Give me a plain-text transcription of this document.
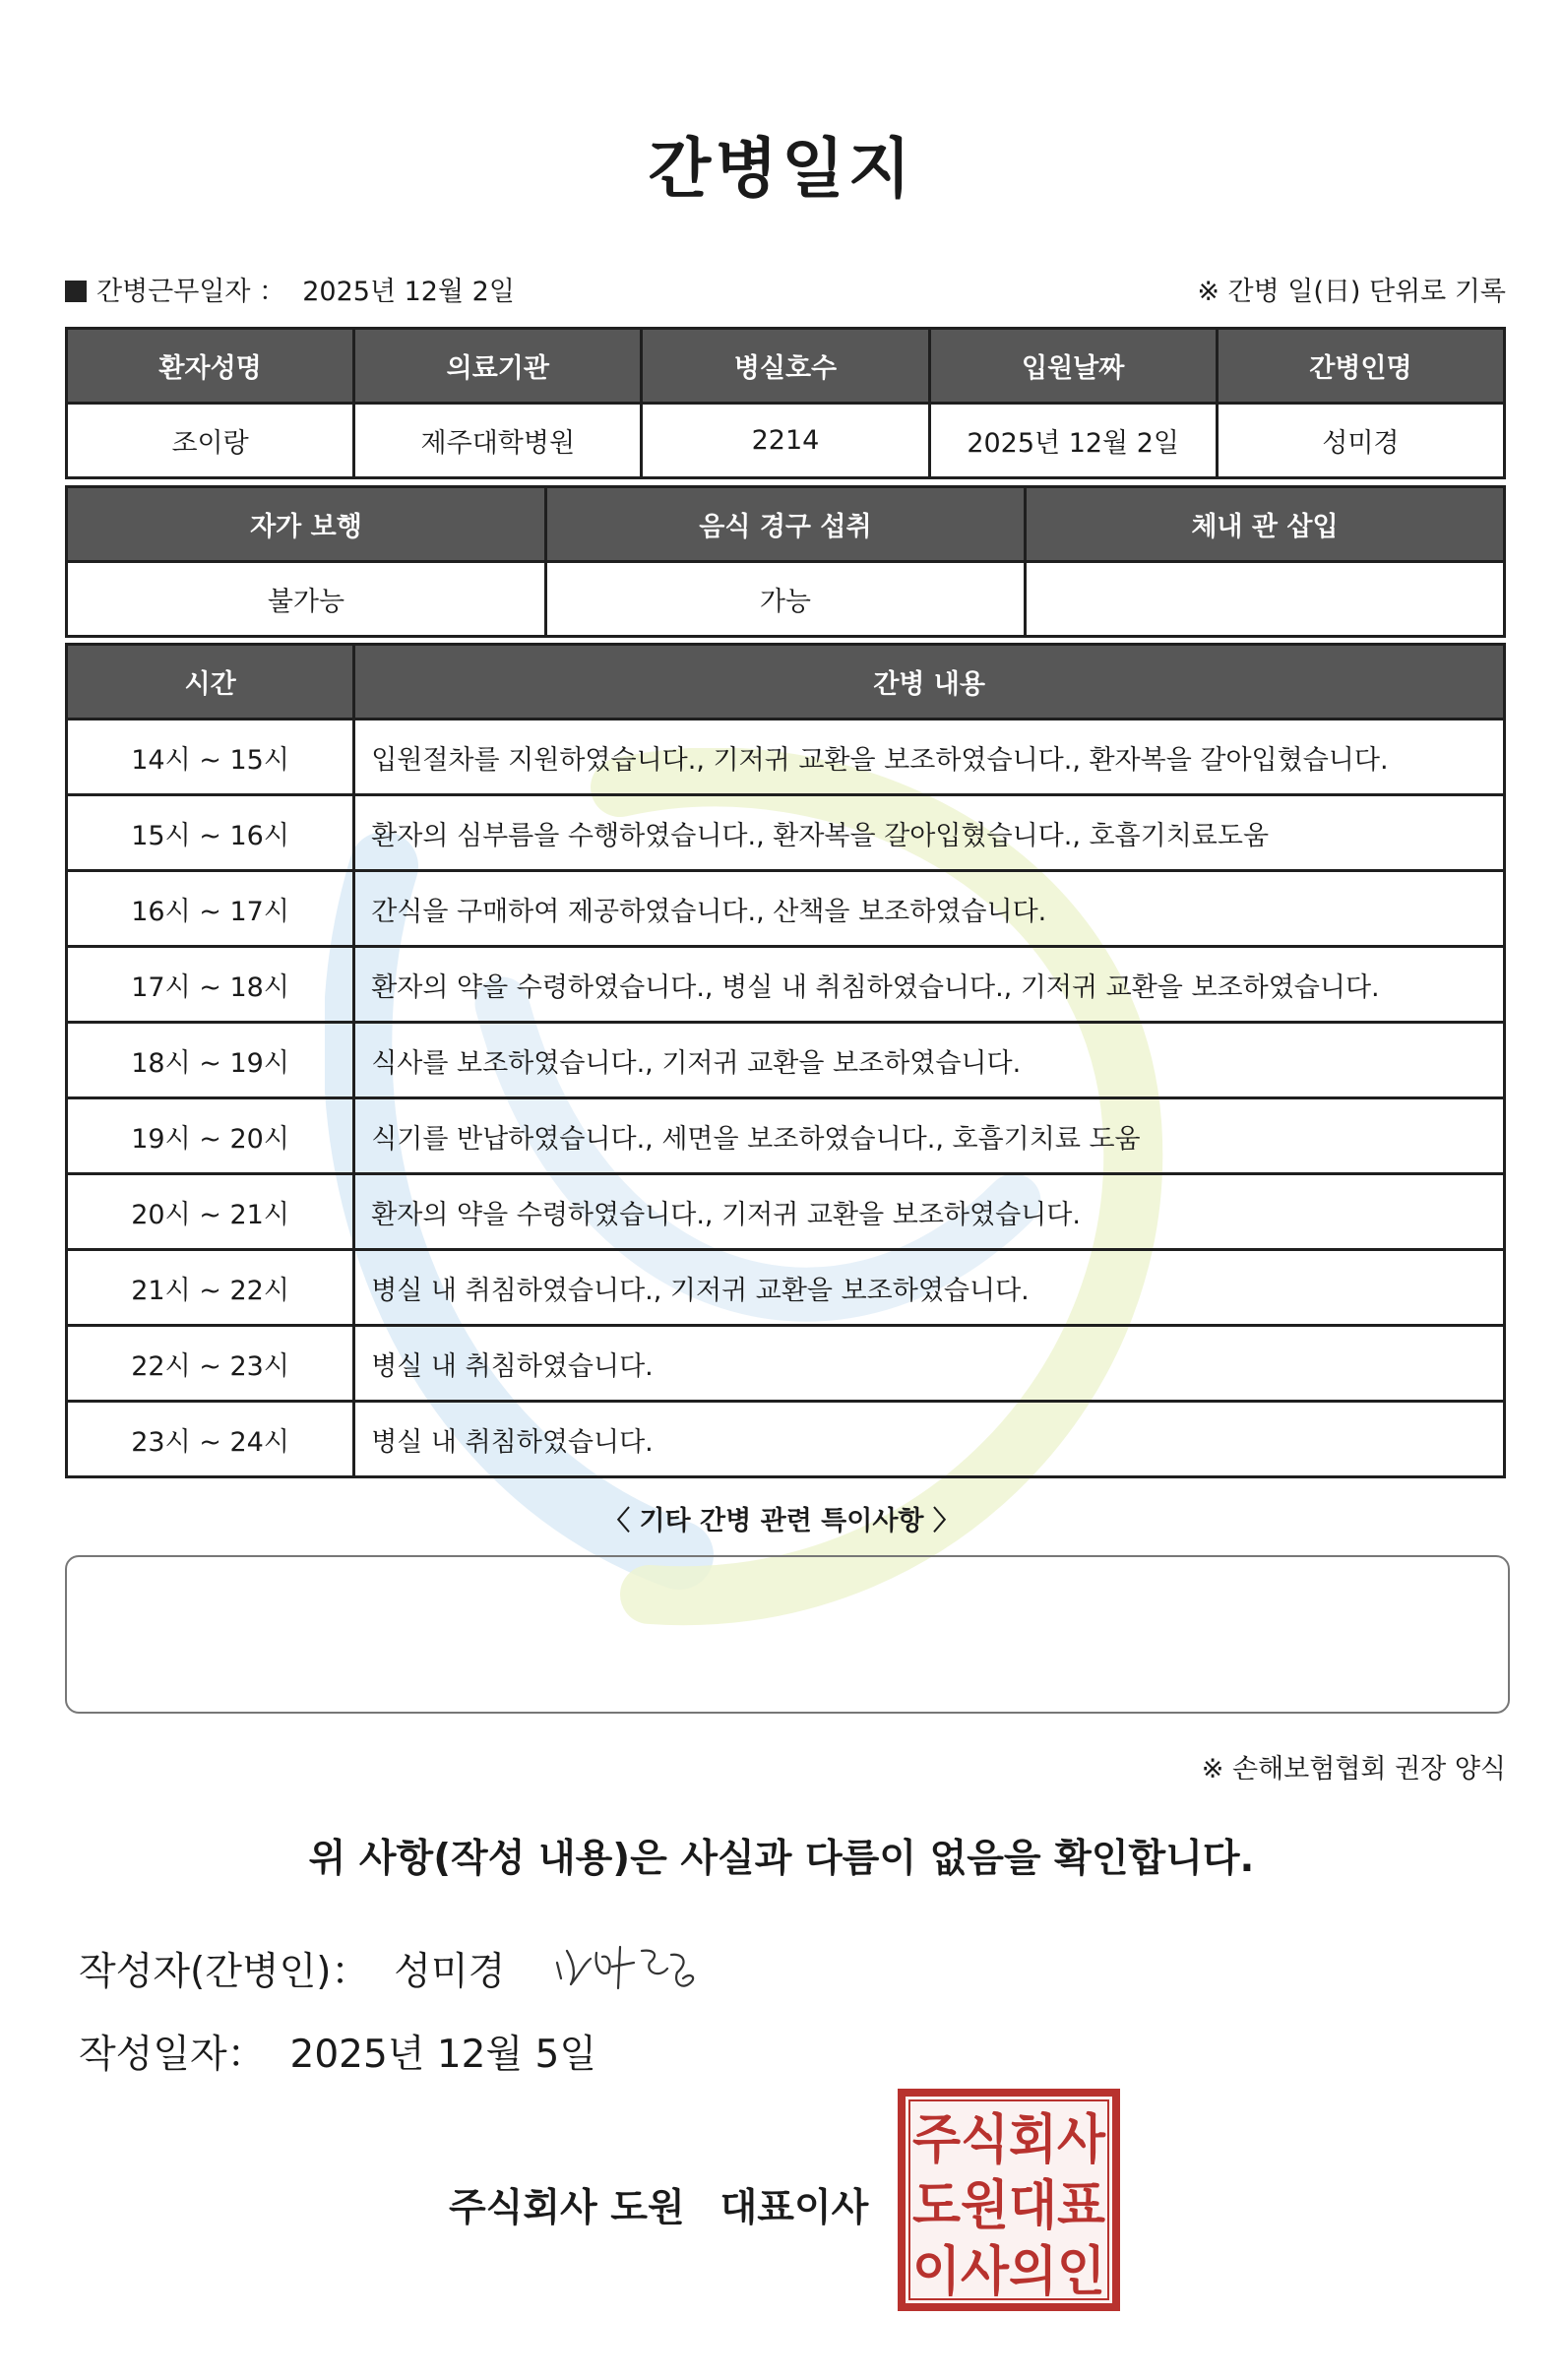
간병일지
간병근무일자 ： 2025년 12월 2일	※ 간병 일(日) 단위로 기록
환자성명	의료기관	병실호수	입원날짜	간병인명
조이랑	제주대학병원	2214	2025년 12월 2일	성미경
자가 보행	음식 경구 섭취	체내 관 삽입
불가능	가능	
시간	간병 내용
14시 ~ 15시	입원절차를 지원하였습니다., 기저귀 교환을 보조하였습니다., 환자복을 갈아입혔습니다.
15시 ~ 16시	환자의 심부름을 수행하였습니다., 환자복을 갈아입혔습니다., 호흡기치료도움
16시 ~ 17시	간식을 구매하여 제공하였습니다., 산책을 보조하였습니다.
17시 ~ 18시	환자의 약을 수령하였습니다., 병실 내 취침하였습니다., 기저귀 교환을 보조하였습니다.
18시 ~ 19시	식사를 보조하였습니다., 기저귀 교환을 보조하였습니다.
19시 ~ 20시	식기를 반납하였습니다., 세면을 보조하였습니다., 호흡기치료 도움
20시 ~ 21시	환자의 약을 수령하였습니다., 기저귀 교환을 보조하였습니다.
21시 ~ 22시	병실 내 취침하였습니다., 기저귀 교환을 보조하였습니다.
22시 ~ 23시	병실 내 취침하였습니다.
23시 ~ 24시	병실 내 취침하였습니다.
〈 기타 간병 관련 특이사항 〉
※ 손해보험협회 권장 양식
위 사항(작성 내용)은 사실과 다름이 없음을 확인합니다.
작성자(간병인)： 성미경
작성일자： 2025년 12월 5일
주식회사 도원 대표이사
주식회사
도원대표
이사의인
